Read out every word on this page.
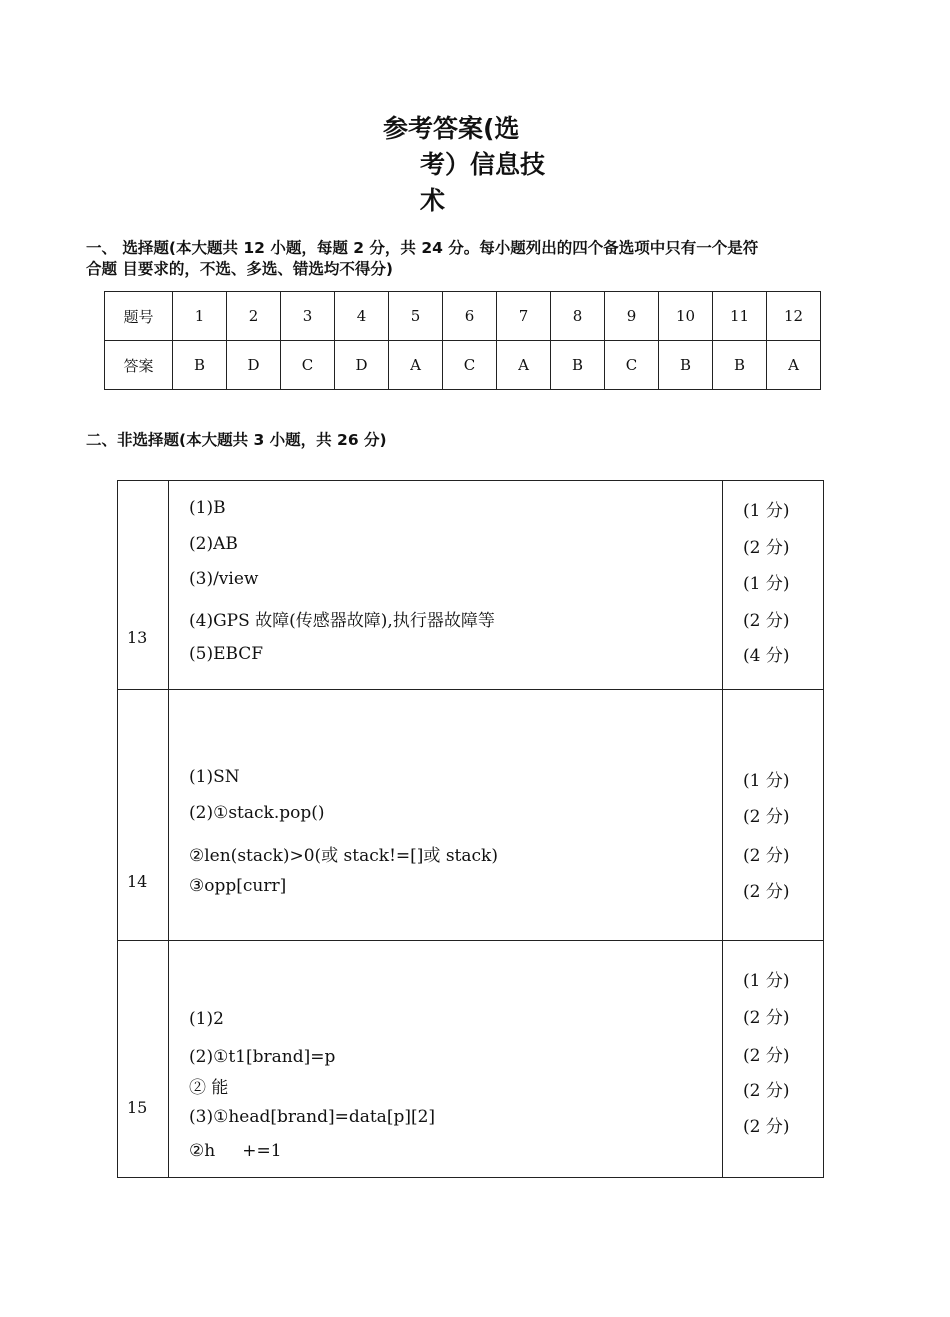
参考答案(选
考）信息技
术
一、 选择题(本大题共 12 小题，每题 2 分，共 24 分。每小题列出的四个备选项中只有一个是符
合题 目要求的，不选、多选、错选均不得分)
题号	1	2	3	4	5	6	7	8	9	10	11	12
答案	B	D	C	D	A	C	A	B	C	B	B	A
二、非选择题(本大题共 3 小题，共 26 分)
13	(1)B
(2)AB
(3)/view
(4)GPS 故障(传感器故障),执行器故障等
(5)EBCF	(1 分)
(2 分)
(1 分)
(2 分)
(4 分)

14	(1)SN
(2)①stack.pop()
②len(stack)>0(或 stack!=[]或 stack)
③opp[curr]	(1 分)
(2 分)
(2 分)
(2 分)

15	(1)2
(2)①t1[brand]=p
② 能
(3)①head[brand]=data[p][2]
②h     +=1	(1 分)
(2 分)
(2 分)
(2 分)
(2 分)
